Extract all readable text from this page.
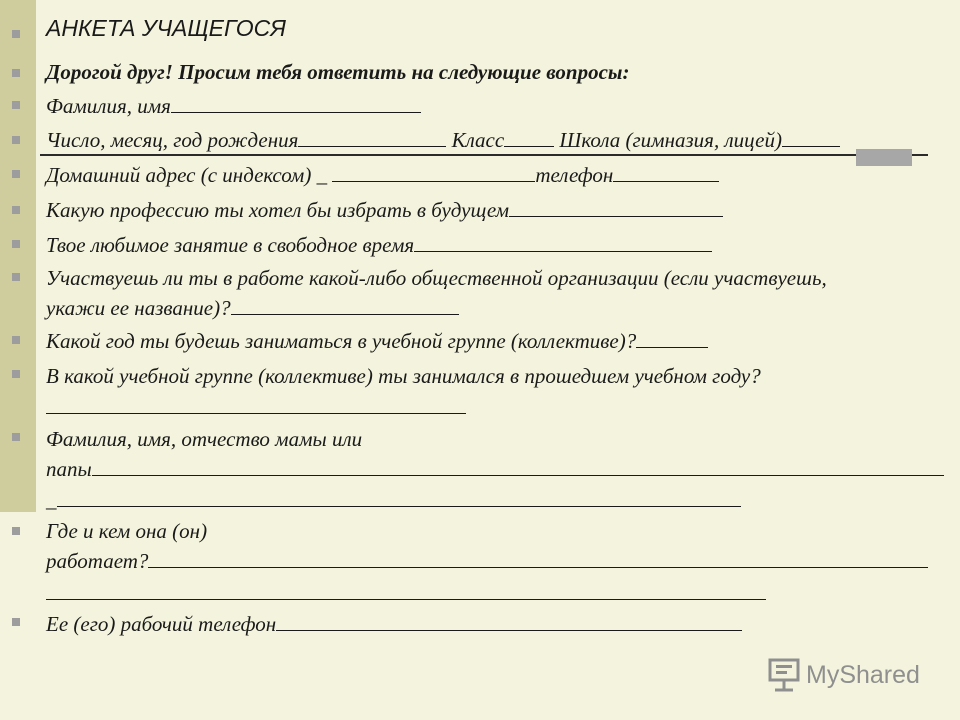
АНКЕТА УЧАЩЕГОСЯ
Дорогой друг! Просим тебя ответить на следующие вопросы:
Фамилия, имя
Число, месяц, год рождения	Класс	Школа (гимназия, лицей)
Домашний адрес (с индексом) _	телефон
Какую профессию ты хотел бы избрать в будущем
Твое любимое занятие в свободное время
Участвуешь ли ты в работе какой-либо общественной организации (если участвуешь,
укажи ее название)?
Какой год ты будешь заниматься в учебной группе (коллективе)?
В какой учебной группе (коллективе) ты занимался в прошедшем учебном году?
Фамилия, имя, отчество мамы или
папы
_
Где и кем она (он)
работает?
Ее (его) рабочий телефон
MyShared
